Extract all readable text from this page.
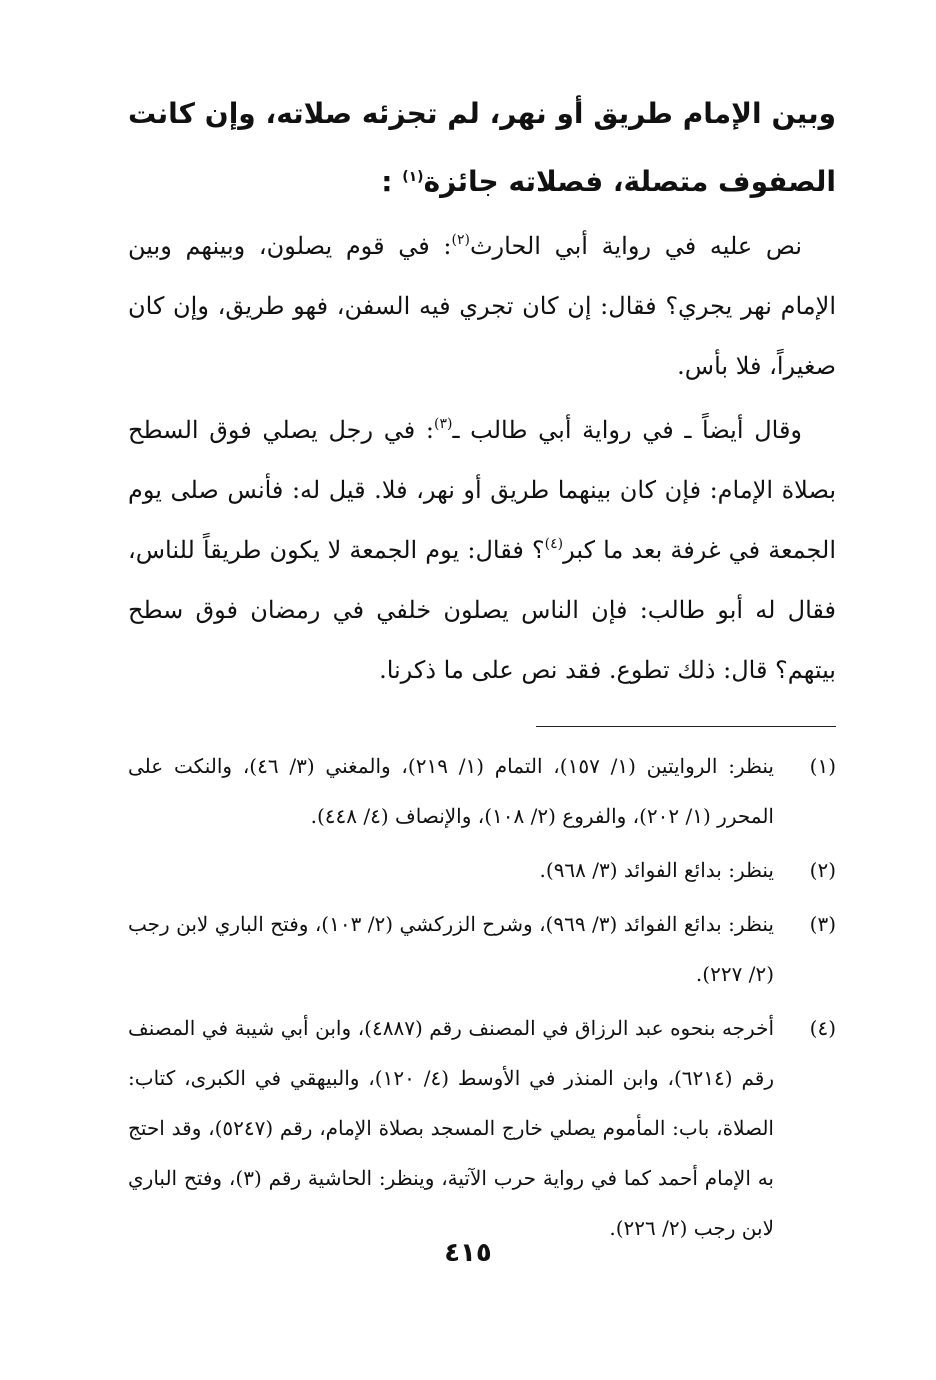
وبين الإمام طريق أو نهر، لم تجزئه صلاته، وإن كانت الصفوف متصلة، فصلاته جائزة$^{(١)}$ :

نص عليه في رواية أبي الحارث$^{(٢)}$: في قوم يصلون، وبينهم وبين الإمام نهر يجري؟ فقال: إن كان تجري فيه السفن، فهو طريق، وإن كان صغيراً، فلا بأس.

وقال أيضاً ـ في رواية أبي طالب ـ$^{(٣)}$: في رجل يصلي فوق السطح بصلاة الإمام: فإن كان بينهما طريق أو نهر، فلا. قيل له: فأنس صلى يوم الجمعة في غرفة بعد ما كبر$^{(٤)}$؟ فقال: يوم الجمعة لا يكون طريقاً للناس، فقال له أبو طالب: فإن الناس يصلون خلفي في رمضان فوق سطح بيتهم؟ قال: ذلك تطوع. فقد نص على ما ذكرنا.

(١)
ينظر: الروايتين (١/ ١٥٧)، التمام (١/ ٢١٩)، والمغني (٣/ ٤٦)، والنكت على المحرر (١/ ٢٠٢)، والفروع (٢/ ١٠٨)، والإنصاف (٤/ ٤٤٨).
(٢)
ينظر: بدائع الفوائد (٣/ ٩٦٨).
(٣)
ينظر: بدائع الفوائد (٣/ ٩٦٩)، وشرح الزركشي (٢/ ١٠٣)، وفتح الباري لابن رجب (٢/ ٢٢٧).
(٤)
أخرجه بنحوه عبد الرزاق في المصنف رقم (٤٨٨٧)، وابن أبي شيبة في المصنف رقم (٦٢١٤)، وابن المنذر في الأوسط (٤/ ١٢٠)، والبيهقي في الكبرى، كتاب: الصلاة، باب: المأموم يصلي خارج المسجد بصلاة الإمام، رقم (٥٢٤٧)، وقد احتج به الإمام أحمد كما في رواية حرب الآتية، وينظر: الحاشية رقم (٣)، وفتح الباري لابن رجب (٢/ ٢٢٦).
٤١٥
